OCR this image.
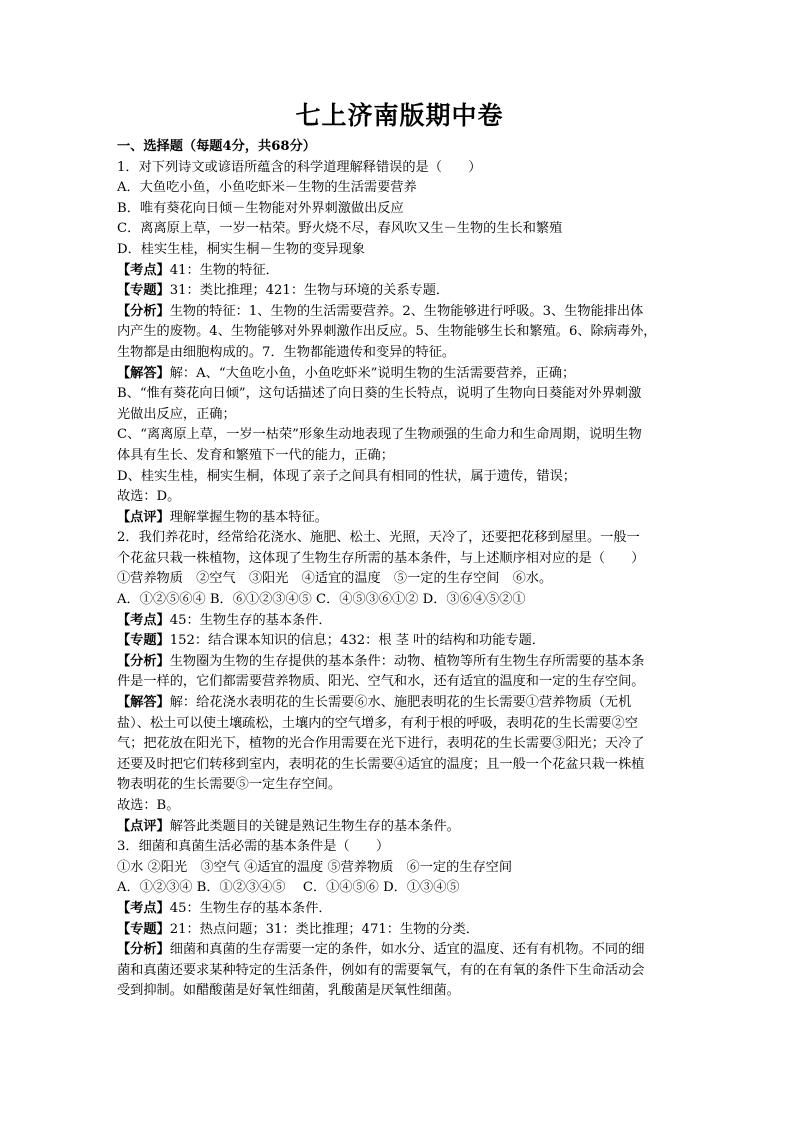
七上济南版期中卷
一、选择题（每题4分，共68分）
1．对下列诗文或谚语所蕴含的科学道理解释错误的是（　　）
A．大鱼吃小鱼，小鱼吃虾米－生物的生活需要营养
B．唯有葵花向日倾－生物能对外界刺激做出反应
C．离离原上草，一岁一枯荣。野火烧不尽，春风吹又生－生物的生长和繁殖
D．桂实生桂，桐实生桐－生物的变异现象
【考点】41：生物的特征．
【专题】31：类比推理；421：生物与环境的关系专题．
【分析】生物的特征：1、生物的生活需要营养。2、生物能够进行呼吸。3、生物能排出体
内产生的废物。4、生物能够对外界刺激作出反应。5、生物能够生长和繁殖。6、除病毒外，
生物都是由细胞构成的。7．生物都能遗传和变异的特征。
【解答】解：A、“大鱼吃小鱼，小鱼吃虾米”说明生物的生活需要营养，正确；
B、“惟有葵花向日倾”，这句话描述了向日葵的生长特点，说明了生物向日葵能对外界刺激
光做出反应，正确；
C、“离离原上草，一岁一枯荣”形象生动地表现了生物顽强的生命力和生命周期，说明生物
体具有生长、发育和繁殖下一代的能力，正确；
D、桂实生桂，桐实生桐，体现了亲子之间具有相同的性状，属于遗传，错误；
故选：D。
【点评】理解掌握生物的基本特征。
2．我们养花时，经常给花浇水、施肥、松土、光照，天冷了，还要把花移到屋里。一般一
个花盆只栽一株植物，这体现了生物生存所需的基本条件，与上述顺序相对应的是（　　）
①营养物质　②空气　③阳光　④适宜的温度　⑤一定的生存空间　⑥水。
A．①②⑤⑥④ B．⑥①②③④⑤ C．④⑤③⑥①② D．③⑥④⑤②①
【考点】45：生物生存的基本条件．
【专题】152：结合课本知识的信息；432：根 茎 叶的结构和功能专题．
【分析】生物圈为生物的生存提供的基本条件：动物、植物等所有生物生存所需要的基本条
件是一样的，它们都需要营养物质、阳光、空气和水，还有适宜的温度和一定的生存空间。
【解答】解：给花浇水表明花的生长需要⑥水、施肥表明花的生长需要①营养物质（无机
盐）、松土可以使土壤疏松，土壤内的空气增多，有利于根的呼吸，表明花的生长需要②空
气；把花放在阳光下，植物的光合作用需要在光下进行，表明花的生长需要③阳光；天冷了
还要及时把它们转移到室内，表明花的生长需要④适宜的温度；且一般一个花盆只栽一株植
物表明花的生长需要⑤一定生存空间。
故选：B。
【点评】解答此类题目的关键是熟记生物生存的基本条件。
3．细菌和真菌生活必需的基本条件是（　　）
①水 ②阳光　③空气 ④适宜的温度 ⑤营养物质　⑥一定的生存空间
A．①②③④ B．①②③④⑤　 C．①④⑤⑥ D．①③④⑤
【考点】45：生物生存的基本条件．
【专题】21：热点问题；31：类比推理；471：生物的分类．
【分析】细菌和真菌的生存需要一定的条件，如水分、适宜的温度、还有有机物。不同的细
菌和真菌还要求某种特定的生活条件，例如有的需要氧气，有的在有氧的条件下生命活动会
受到抑制。如醋酸菌是好氧性细菌，乳酸菌是厌氧性细菌。
